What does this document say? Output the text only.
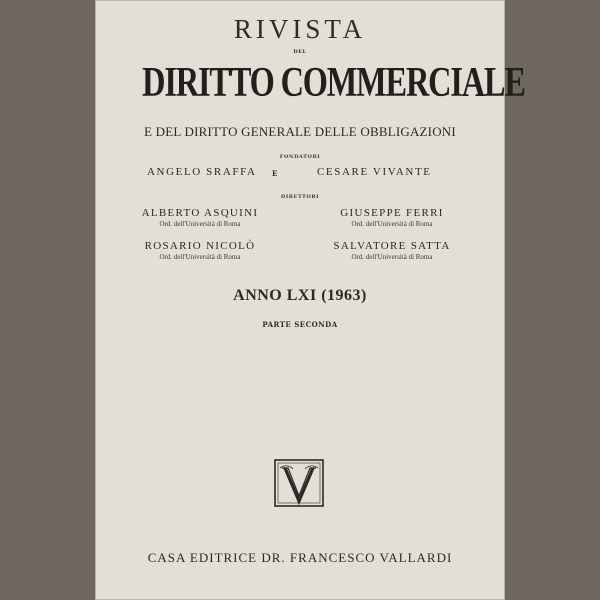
RIVISTA
DEL
DIRITTO COMMERCIALE
E DEL DIRITTO GENERALE DELLE OBBLIGAZIONI
FONDATORI
ANGELO SRAFFA E	CESARE VIVANTE
DIRETTORI
ALBERTO ASQUINI
Ord. dell'Università di Roma
GIUSEPPE FERRI
Ord. dell'Università di Roma
ROSARIO NICOLÒ
Ord. dell'Università di Roma
SALVATORE SATTA
Ord. dell'Università di Roma
ANNO LXI (1963)
PARTE SECONDA
CASA EDITRICE DR. FRANCESCO VALLARDI
